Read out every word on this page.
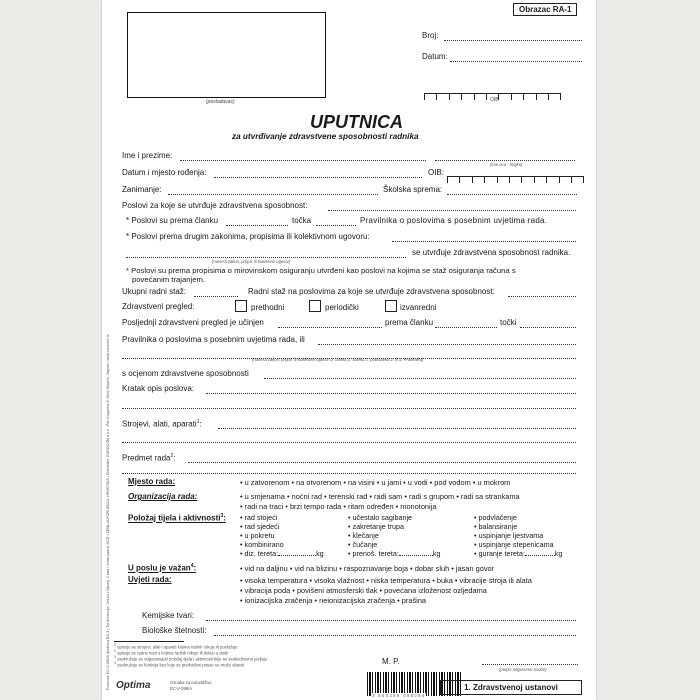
(poslodavac)
Obrazac RA-1
Broj:
Datum:
OIB
UPUTNICA
za utvrđivanje zdravstvene sposobnosti radnika
Ime i prezime:
(ime oca - majke)
Datum i mjesto rođenja:	OIB:
Zanimanje:	Školska sprema:
Poslovi za koje se utvrđuje zdravstvena sposobnost:
* Poslovi su prema članku	točka	Pravilnika o poslovima s posebnim uvjetima rada.
* Poslovi prema drugim zakonima, propisima ili kolektivnom ugovoru:
(navesti zakon, propis ili kolektivni ugovor)
se utvrđuje zdravstvena sposobnost radnika.
* Poslovi su prema propisima o mirovinskom osiguranju utvrđeni kao poslovi na kojima se staž osiguranja računa s
povećanim trajanjem.
Ukupni radni staž:	Radni staž na poslovima za koje se utvrđuje zdravstvena sposobnost:
Zdravstveni pregled:	prethodni	periodički	izvanredni
Posljednji zdravstveni pregled je učinjen	prema članku	točki
Pravilnika o poslovima s posebnim uvjetima rada, ili
(navesti zakon, propis ili kolektivni ugovor iz članka 2. stavka 1. podstavka 2. ili 3. Pravilnika)
s ocjenom zdravstvene sposobnosti
Kratak opis poslova:
Strojevi, alati, aparati$^1$:
Predmet rada$^2$:
Mjesto rada:	• u zatvorenom • na otvorenom • na visini • u jami • u vodi • pod vodom • u mokrom
Organizacija rada:	• u smjenama • noćni rad • terenski rad • radi sam • radi s grupom • radi sa strankama
• radi na traci • brzi tempo rada • ritam određen • monotonija
Položaj tijela i aktivnosti$^3$: • rad stojeći
• rad sjedeći
• u pokretu
• kombinirano
• diz. tereta:	kg
• učestalo sagibanje
• zakretanje trupa
• klečanje
• čučanje
• prenoš. tereta:	kg
• podvlačenje
• balansiranje
• uspinjanje ljestvama
• uspinjanje stepenicama
• guranje tereta:	kg
U poslu je važan$^4$:	• vid na daljinu • vid na blizinu • raspoznavanje boja • dobar sluh • jasan govor
Uvjeti rada:	• visoka temperatura • visoka vlažnost • niska temperatura • buka • vibracije stroja ili alata
• vibracija poda • povišeni atmosferski tlak • povećana izloženost ozljedama
• ionizacijska zračenja • neionizacijska zračenja • prašina
Kemijske tvari:
Biološke štetnosti:
$^1$ upisuju se strojevi, alati i aparati kojima radnik rukuje ili poslužuje
$^2$ upisuju se radne tvari s kojima radnik rukuje ili dolazi u dodir
$^3$ zaokružuje se odgovarajući položaj tijela i aktivnosti koje se svakodnevno javljaju
$^4$ zaokružuje se funkcija bez koje se predviđeni posao ne može obaviti	M. P.
(potpis odgovorne osobe)
Optima	Oznaka za naruddžbu:
EC-V-396/A
3 850289 088094
1. Zdravstvenoj ustanovi
Proizvod: EC-V-396/A Uputnica RA-1 • Tip dimenzije: Set A4 • Opseg: 2 lista • Vrsta papira: NCR • ZEMLJA PORIJEKLA: HRVATSKA • Distributer: EUROCOM d.o.o., Put Vroganina 8, Donji Stupnik, Zagreb • www.eurocom.hr
